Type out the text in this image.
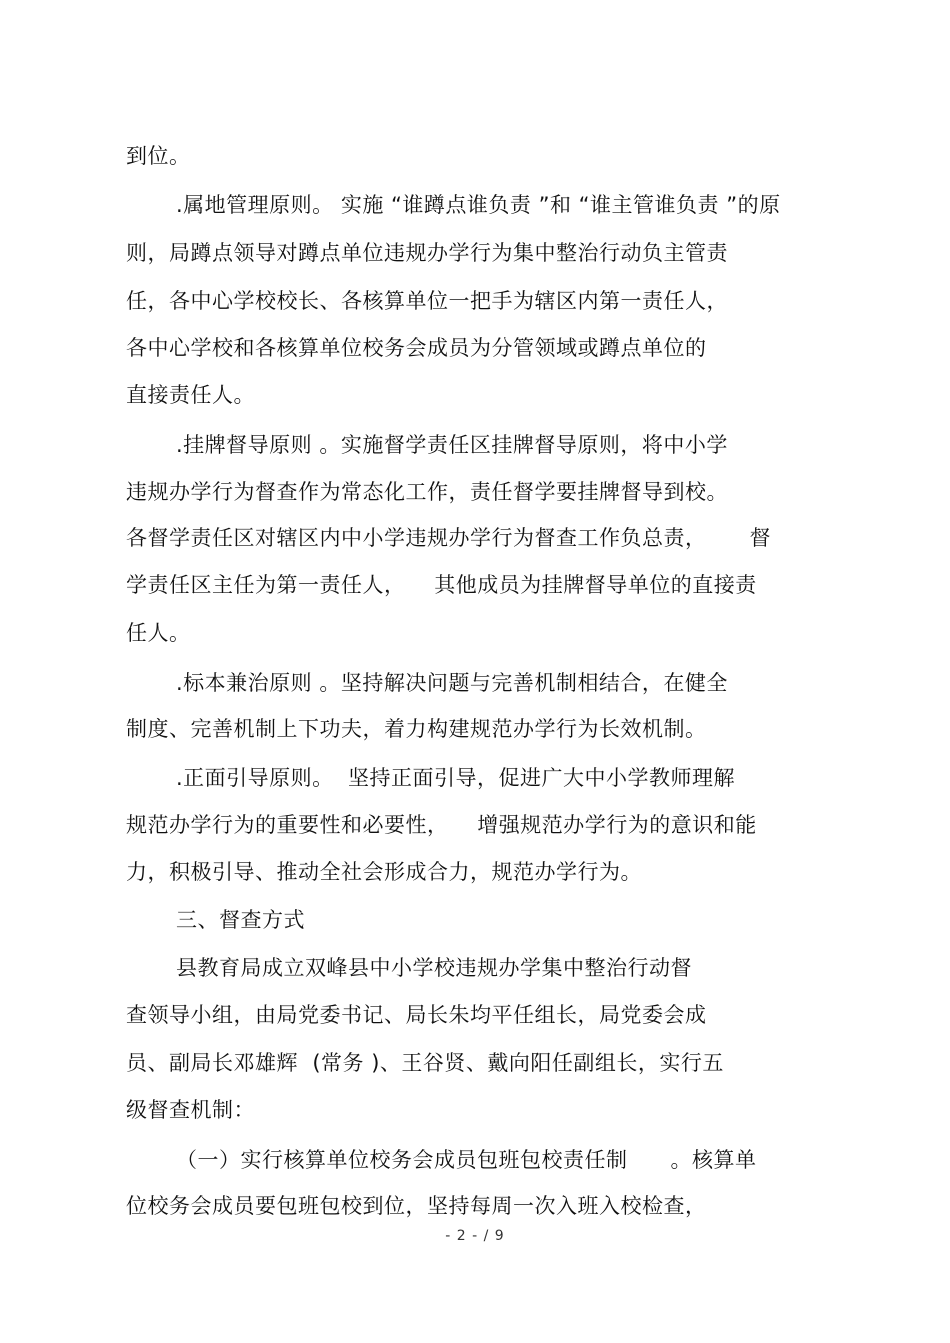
到位。
.属地管理原则。 实施 “谁蹲点谁负责 ”和 “谁主管谁负责 ”的原
则，局蹲点领导对蹲点单位违规办学行为集中整治行动负主管责
任，各中心学校校长、各核算单位一把手为辖区内第一责任人，
各中心学校和各核算单位校务会成员为分管领域或蹲点单位的
直接责任人。
.挂牌督导原则 。实施督学责任区挂牌督导原则，将中小学
违规办学行为督查作为常态化工作，责任督学要挂牌督导到校。
各督学责任区对辖区内中小学违规办学行为督查工作负总责，      督
学责任区主任为第一责任人，    其他成员为挂牌督导单位的直接责
任人。
.标本兼治原则 。坚持解决问题与完善机制相结合，在健全
制度、完善机制上下功夫，着力构建规范办学行为长效机制。
.正面引导原则。  坚持正面引导，促进广大中小学教师理解
规范办学行为的重要性和必要性，    增强规范办学行为的意识和能
力，积极引导、推动全社会形成合力，规范办学行为。
三、督查方式
县教育局成立双峰县中小学校违规办学集中整治行动督
查领导小组，由局党委书记、局长朱均平任组长，局党委会成
员、副局长邓雄辉  (常务 )、王谷贤、戴向阳任副组长，实行五
级督查机制：
（一）实行核算单位校务会成员包班包校责任制      。核算单
位校务会成员要包班包校到位，坚持每周一次入班入校检查，
- 2 - / 9
